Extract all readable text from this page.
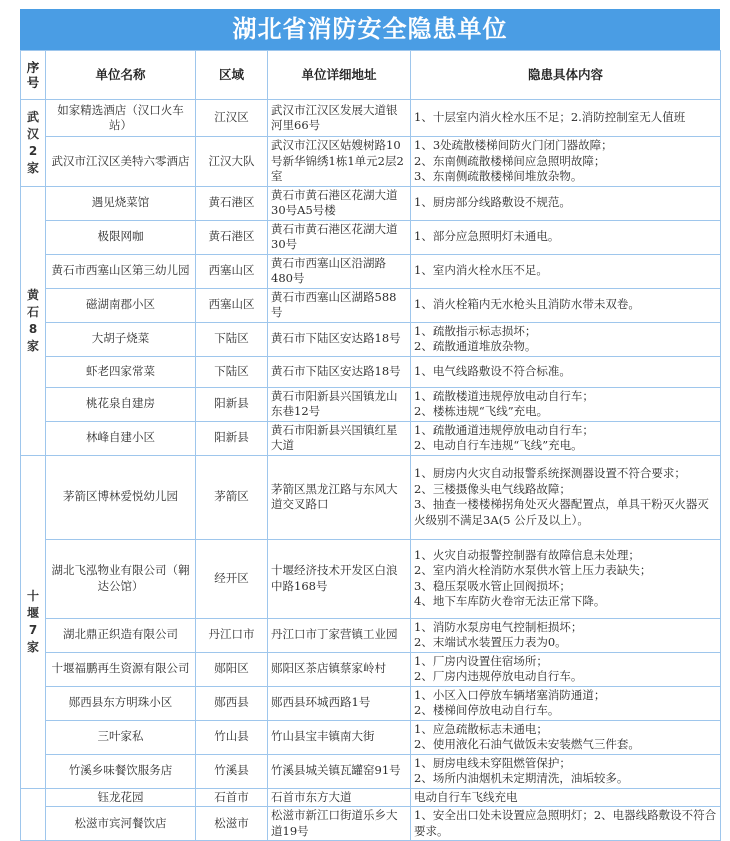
湖北省消防安全隐患单位
序号	单位名称	区域	单位详细地址	隐患具体内容
武汉2家	如家精选酒店（汉口火车站）	江汉区	武汉市江汉区发展大道银河里66号	1、十层室内消火栓水压不足；2.消防控制室无人值班

	武汉市江汉区美特六零酒店	江汉大队	武汉市江汉区姑嫂树路10号新华锦绣1栋1单元2层2室	1、3处疏散楼梯间防火门闭门器故障；
2、东南侧疏散楼梯间应急照明故障；
3、东南侧疏散楼梯间堆放杂物。

黄石8家	遇见烧菜馆	黄石港区	黄石市黄石港区花湖大道30号A5号楼	1、厨房部分线路敷设不规范。

	极限网咖	黄石港区	黄石市黄石港区花湖大道30号	1、部分应急照明灯未通电。

	黄石市西塞山区第三幼儿园	西塞山区	黄石市西塞山区沿湖路480号	1、室内消火栓水压不足。

	磁湖南郡小区	西塞山区	黄石市西塞山区湖路588号	1、消火栓箱内无水枪头且消防水带未双卷。

	大胡子烧菜	下陆区	黄石市下陆区安达路18号	1、疏散指示标志损坏；
2、疏散通道堆放杂物。

	虾老四家常菜	下陆区	黄石市下陆区安达路18号	1、电气线路敷设不符合标准。

	桃花泉自建房	阳新县	黄石市阳新县兴国镇龙山东巷12号	1、疏散楼道违规停放电动自行车；
2、楼栋违规“飞线”充电。

	林峰自建小区	阳新县	黄石市阳新县兴国镇红星大道	1、疏散通道违规停放电动自行车；
2、电动自行车违规“飞线”充电。

十堰7家	茅箭区博林爱悦幼儿园	茅箭区	茅箭区黑龙江路与东风大道交叉路口	1、厨房内火灾自动报警系统探测器设置不符合要求；
2、三楼摄像头电气线路故障；
3、抽查一楼楼梯拐角处灭火器配置点，单具干粉灭火器灭火级别不满足3A(5 公斤及以上）。

	湖北飞泓物业有限公司（翱达公馆）	经开区	十堰经济技术开发区白浪中路168号	1、火灾自动报警控制器有故障信息未处理；
2、室内消火栓消防水泵供水管上压力表缺失；
3、稳压泵吸水管止回阀损坏；
4、地下车库防火卷帘无法正常下降。

	湖北鼎正织造有限公司	丹江口市	丹江口市丁家营镇工业园	1、消防水泵房电气控制柜损坏；
2、末端试水装置压力表为0。

	十堰福鹏再生资源有限公司	郧阳区	郧阳区茶店镇蔡家岭村	1、厂房内设置住宿场所；
2、厂房内违规停放电动自行车。

	郧西县东方明珠小区	郧西县	郧西县环城西路1号	1、小区入口停放车辆堵塞消防通道；
2、楼梯间停放电动自行车。

	三叶家私	竹山县	竹山县宝丰镇南大街	1、应急疏散标志未通电；
2、使用液化石油气做饭未安装燃气三件套。

	竹溪乡味餐饮服务店	竹溪县	竹溪县城关镇瓦罐窑91号	1、厨房电线未穿阻燃管保护；
2、场所内油烟机未定期清洗，油垢较多。

	钰龙花园	石首市	石首市东方大道	电动自行车飞线充电

	松滋市宾河餐饮店	松滋市	松滋市新江口街道乐乡大道19号	1、安全出口处未设置应急照明灯；2、电器线路敷设不符合要求。
